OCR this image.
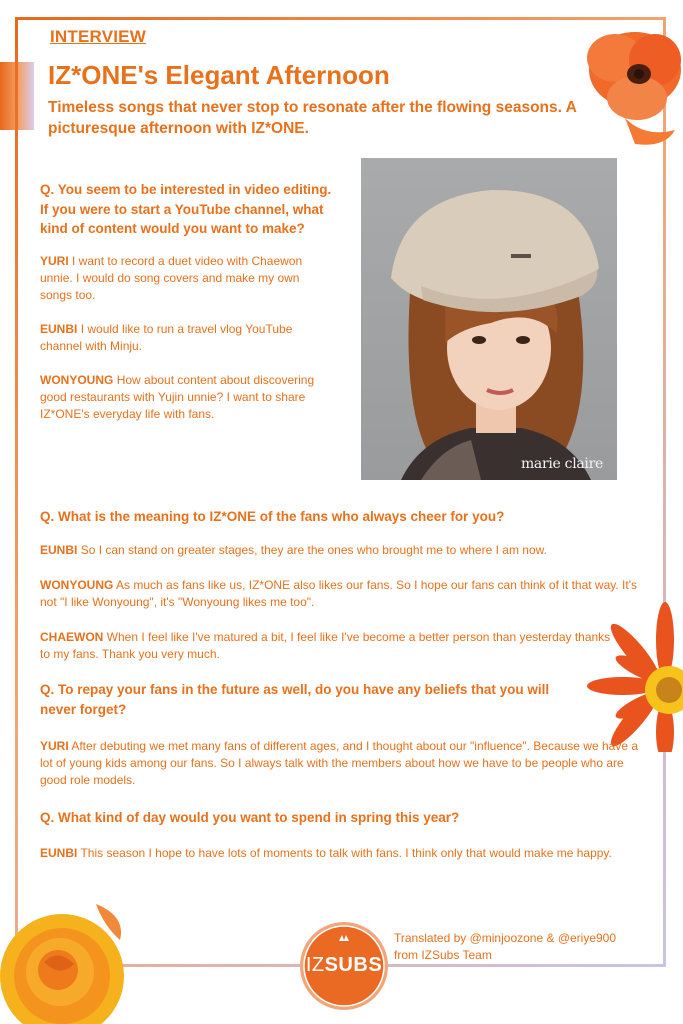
INTERVIEW
IZ*ONE's Elegant Afternoon
Timeless songs that never stop to resonate after the flowing seasons. A picturesque afternoon with IZ*ONE.
Q. You seem to be interested in video editing. If you were to start a YouTube channel, what kind of content would you want to make?
YURI I want to record a duet video with Chaewon unnie. I would do song covers and make my own songs too.
EUNBI I would like to run a travel vlog YouTube channel with Minju.
WONYOUNG How about content about discovering good restaurants with Yujin unnie? I want to share IZ*ONE's everyday life with fans.
marie claire
Q. What is the meaning to IZ*ONE of the fans who always cheer for you?
EUNBI So I can stand on greater stages, they are the ones who brought me to where I am now.
WONYOUNG As much as fans like us, IZ*ONE also likes our fans. So I hope our fans can think of it that way. It's not "I like Wonyoung", it's "Wonyoung likes me too".
CHAEWON When I feel like I've matured a bit, I feel like I've become a better person than yesterday thanks to my fans. Thank you very much.
Q. To repay your fans in the future as well, do you have any beliefs that you will never forget?
YURI After debuting we met many fans of different ages, and I thought about our "influence". Because we have a lot of young kids among our fans. So I always talk with the members about how we have to be people who are good role models.
Q. What kind of day would you want to spend in spring this year?
EUNBI This season I hope to have lots of moments to talk with fans. I think only that would make me happy.
IZSUBS
Translated by @minjoozone & @eriye900
from IZSubs Team
